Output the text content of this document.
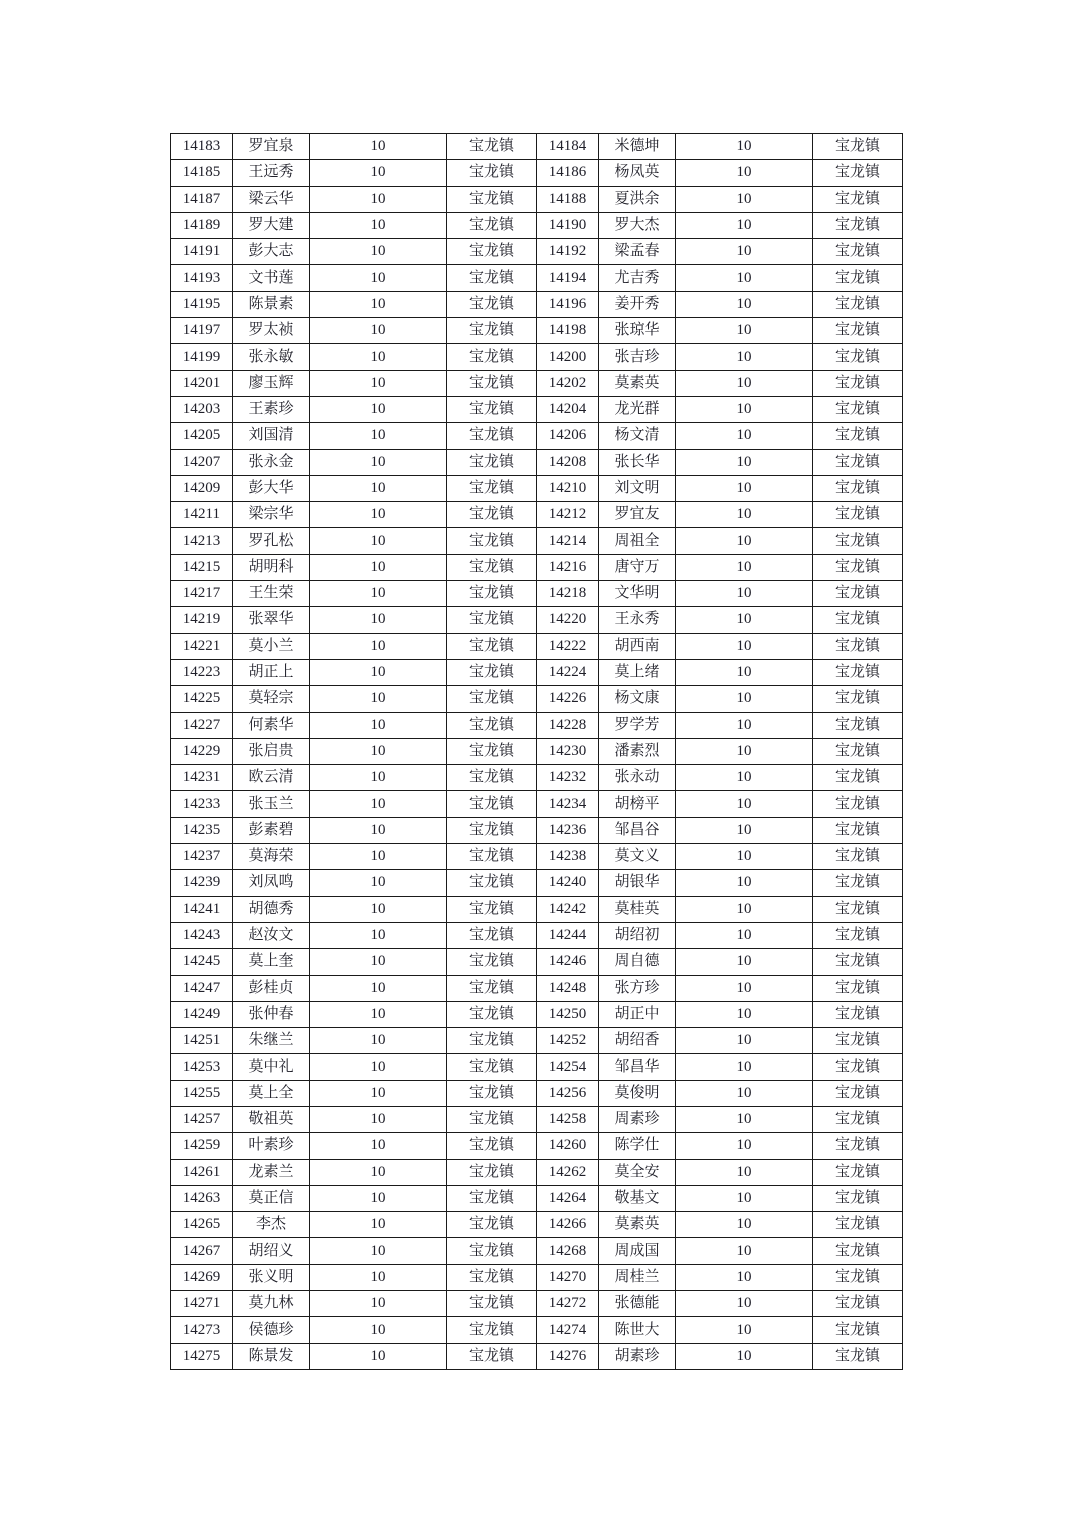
14183	罗宜泉	10	宝龙镇	14184	米德坤	10	宝龙镇
14185	王远秀	10	宝龙镇	14186	杨凤英	10	宝龙镇
14187	梁云华	10	宝龙镇	14188	夏洪余	10	宝龙镇
14189	罗大建	10	宝龙镇	14190	罗大杰	10	宝龙镇
14191	彭大志	10	宝龙镇	14192	梁孟春	10	宝龙镇
14193	文书莲	10	宝龙镇	14194	尤吉秀	10	宝龙镇
14195	陈景素	10	宝龙镇	14196	姜开秀	10	宝龙镇
14197	罗太祯	10	宝龙镇	14198	张琼华	10	宝龙镇
14199	张永敏	10	宝龙镇	14200	张吉珍	10	宝龙镇
14201	廖玉辉	10	宝龙镇	14202	莫素英	10	宝龙镇
14203	王素珍	10	宝龙镇	14204	龙光群	10	宝龙镇
14205	刘国清	10	宝龙镇	14206	杨文清	10	宝龙镇
14207	张永金	10	宝龙镇	14208	张长华	10	宝龙镇
14209	彭大华	10	宝龙镇	14210	刘文明	10	宝龙镇
14211	梁宗华	10	宝龙镇	14212	罗宜友	10	宝龙镇
14213	罗孔松	10	宝龙镇	14214	周祖全	10	宝龙镇
14215	胡明科	10	宝龙镇	14216	唐守万	10	宝龙镇
14217	王生荣	10	宝龙镇	14218	文华明	10	宝龙镇
14219	张翠华	10	宝龙镇	14220	王永秀	10	宝龙镇
14221	莫小兰	10	宝龙镇	14222	胡西南	10	宝龙镇
14223	胡正上	10	宝龙镇	14224	莫上绪	10	宝龙镇
14225	莫轻宗	10	宝龙镇	14226	杨文康	10	宝龙镇
14227	何素华	10	宝龙镇	14228	罗学芳	10	宝龙镇
14229	张启贵	10	宝龙镇	14230	潘素烈	10	宝龙镇
14231	欧云清	10	宝龙镇	14232	张永动	10	宝龙镇
14233	张玉兰	10	宝龙镇	14234	胡榜平	10	宝龙镇
14235	彭素碧	10	宝龙镇	14236	邹昌谷	10	宝龙镇
14237	莫海荣	10	宝龙镇	14238	莫文义	10	宝龙镇
14239	刘凤鸣	10	宝龙镇	14240	胡银华	10	宝龙镇
14241	胡德秀	10	宝龙镇	14242	莫桂英	10	宝龙镇
14243	赵汝文	10	宝龙镇	14244	胡绍初	10	宝龙镇
14245	莫上奎	10	宝龙镇	14246	周自德	10	宝龙镇
14247	彭桂贞	10	宝龙镇	14248	张方珍	10	宝龙镇
14249	张仲春	10	宝龙镇	14250	胡正中	10	宝龙镇
14251	朱继兰	10	宝龙镇	14252	胡绍香	10	宝龙镇
14253	莫中礼	10	宝龙镇	14254	邹昌华	10	宝龙镇
14255	莫上全	10	宝龙镇	14256	莫俊明	10	宝龙镇
14257	敬祖英	10	宝龙镇	14258	周素珍	10	宝龙镇
14259	叶素珍	10	宝龙镇	14260	陈学仕	10	宝龙镇
14261	龙素兰	10	宝龙镇	14262	莫全安	10	宝龙镇
14263	莫正信	10	宝龙镇	14264	敬基文	10	宝龙镇
14265	李杰	10	宝龙镇	14266	莫素英	10	宝龙镇
14267	胡绍义	10	宝龙镇	14268	周成国	10	宝龙镇
14269	张义明	10	宝龙镇	14270	周桂兰	10	宝龙镇
14271	莫九林	10	宝龙镇	14272	张德能	10	宝龙镇
14273	侯德珍	10	宝龙镇	14274	陈世大	10	宝龙镇
14275	陈景发	10	宝龙镇	14276	胡素珍	10	宝龙镇
